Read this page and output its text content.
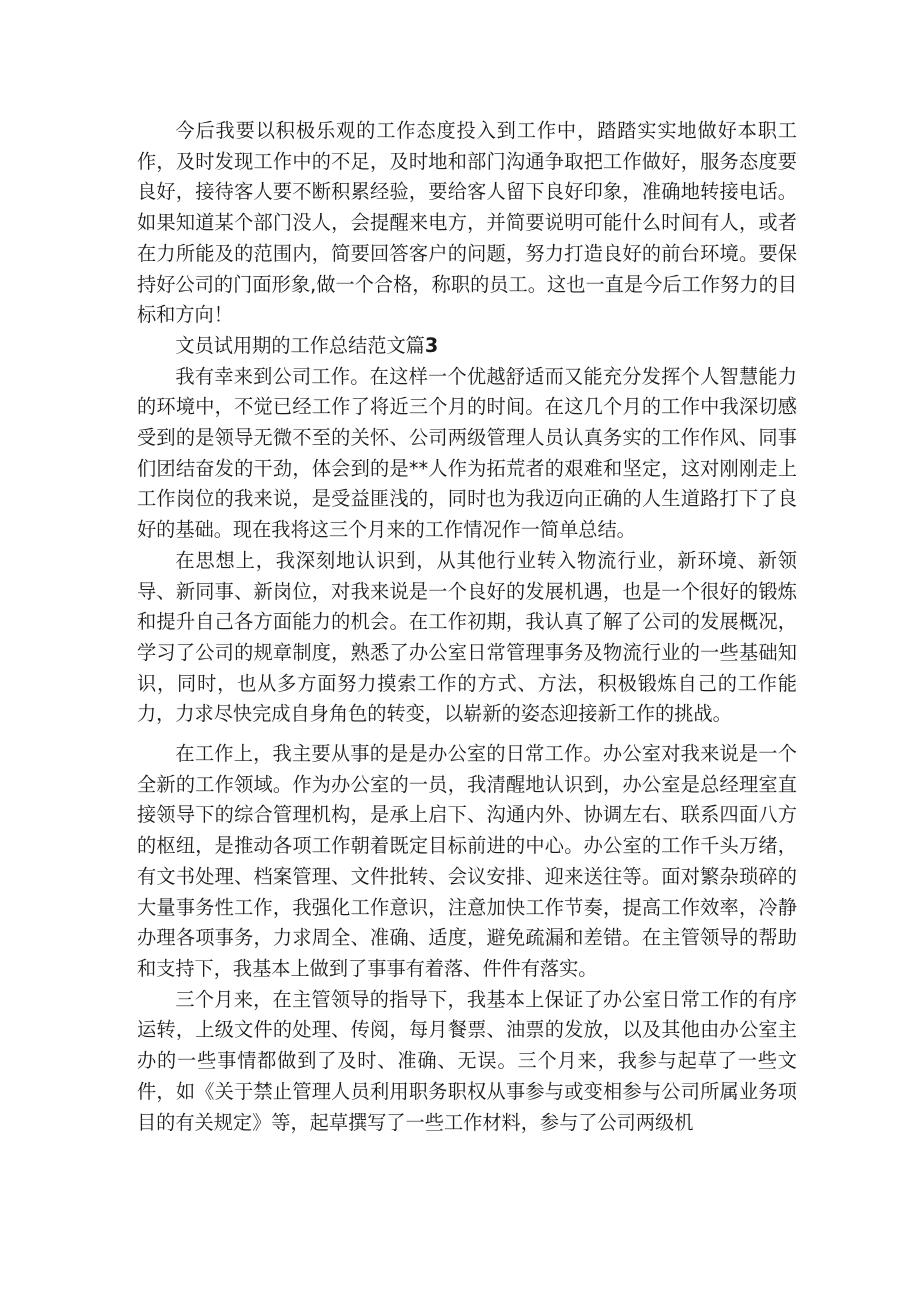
今后我要以积极乐观的工作态度投入到工作中，踏踏实实地做好本职工作，及时发现工作中的不足，及时地和部门沟通争取把工作做好，服务态度要良好，接待客人要不断积累经验，要给客人留下良好印象，准确地转接电话。如果知道某个部门没人，会提醒来电方，并简要说明可能什么时间有人，或者在力所能及的范围内，简要回答客户的问题，努力打造良好的前台环境。要保持好公司的门面形象,做一个合格，称职的员工。这也一直是今后工作努力的目标和方向！

文员试用期的工作总结范文篇3

我有幸来到公司工作。在这样一个优越舒适而又能充分发挥个人智慧能力的环境中，不觉已经工作了将近三个月的时间。在这几个月的工作中我深切感受到的是领导无微不至的关怀、公司两级管理人员认真务实的工作作风、同事们团结奋发的干劲，体会到的是**人作为拓荒者的艰难和坚定，这对刚刚走上工作岗位的我来说，是受益匪浅的，同时也为我迈向正确的人生道路打下了良好的基础。现在我将这三个月来的工作情况作一简单总结。

在思想上，我深刻地认识到，从其他行业转入物流行业，新环境、新领导、新同事、新岗位，对我来说是一个良好的发展机遇，也是一个很好的锻炼和提升自己各方面能力的机会。在工作初期，我认真了解了公司的发展概况，学习了公司的规章制度，熟悉了办公室日常管理事务及物流行业的一些基础知识，同时，也从多方面努力摸索工作的方式、方法，积极锻炼自己的工作能力，力求尽快完成自身角色的转变，以崭新的姿态迎接新工作的挑战。

在工作上，我主要从事的是是办公室的日常工作。办公室对我来说是一个全新的工作领域。作为办公室的一员，我清醒地认识到，办公室是总经理室直接领导下的综合管理机构，是承上启下、沟通内外、协调左右、联系四面八方的枢纽，是推动各项工作朝着既定目标前进的中心。办公室的工作千头万绪，有文书处理、档案管理、文件批转、会议安排、迎来送往等。面对繁杂琐碎的大量事务性工作，我强化工作意识，注意加快工作节奏，提高工作效率，冷静办理各项事务，力求周全、准确、适度，避免疏漏和差错。在主管领导的帮助和支持下，我基本上做到了事事有着落、件件有落实。

三个月来，在主管领导的指导下，我基本上保证了办公室日常工作的有序运转，上级文件的处理、传阅，每月餐票、油票的发放，以及其他由办公室主办的一些事情都做到了及时、准确、无误。三个月来，我参与起草了一些文件，如《关于禁止管理人员利用职务职权从事参与或变相参与公司所属业务项目的有关规定》等，起草撰写了一些工作材料，参与了公司两级机
